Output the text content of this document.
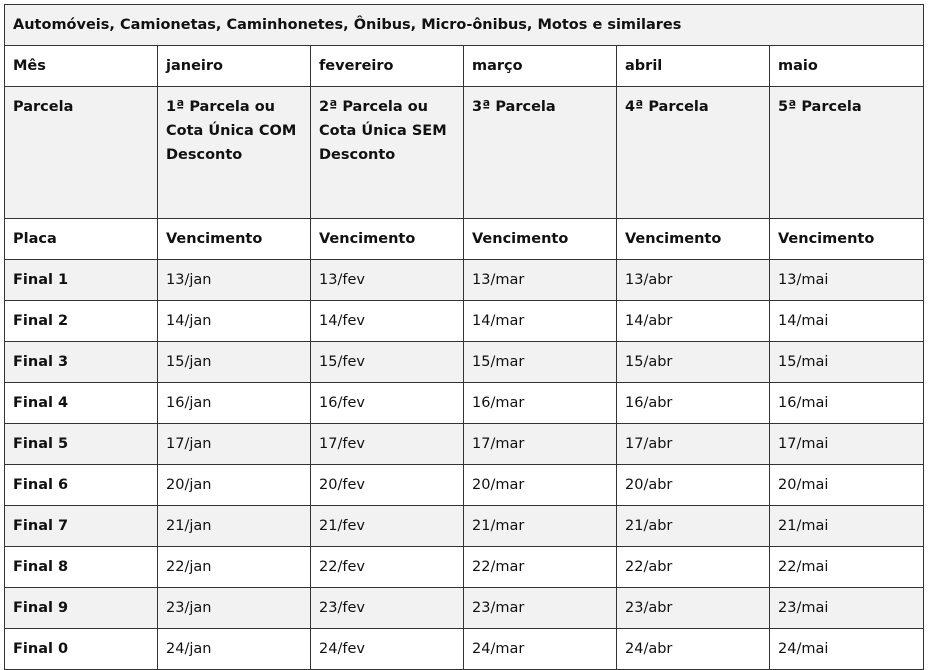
Automóveis, Camionetas, Caminhonetes, Ônibus, Micro-ônibus, Motos e similares					
Mês	janeiro	fevereiro	março	abril	maio
Parcela	1ª Parcela ou Cota Única COM Desconto	2ª Parcela ou Cota Única SEM Desconto	3ª Parcela	4ª Parcela	5ª Parcela
Placa	Vencimento	Vencimento	Vencimento	Vencimento	Vencimento
Final 1	13/jan	13/fev	13/mar	13/abr	13/mai
Final 2	14/jan	14/fev	14/mar	14/abr	14/mai
Final 3	15/jan	15/fev	15/mar	15/abr	15/mai
Final 4	16/jan	16/fev	16/mar	16/abr	16/mai
Final 5	17/jan	17/fev	17/mar	17/abr	17/mai
Final 6	20/jan	20/fev	20/mar	20/abr	20/mai
Final 7	21/jan	21/fev	21/mar	21/abr	21/mai
Final 8	22/jan	22/fev	22/mar	22/abr	22/mai
Final 9	23/jan	23/fev	23/mar	23/abr	23/mai
Final 0	24/jan	24/fev	24/mar	24/abr	24/mai
